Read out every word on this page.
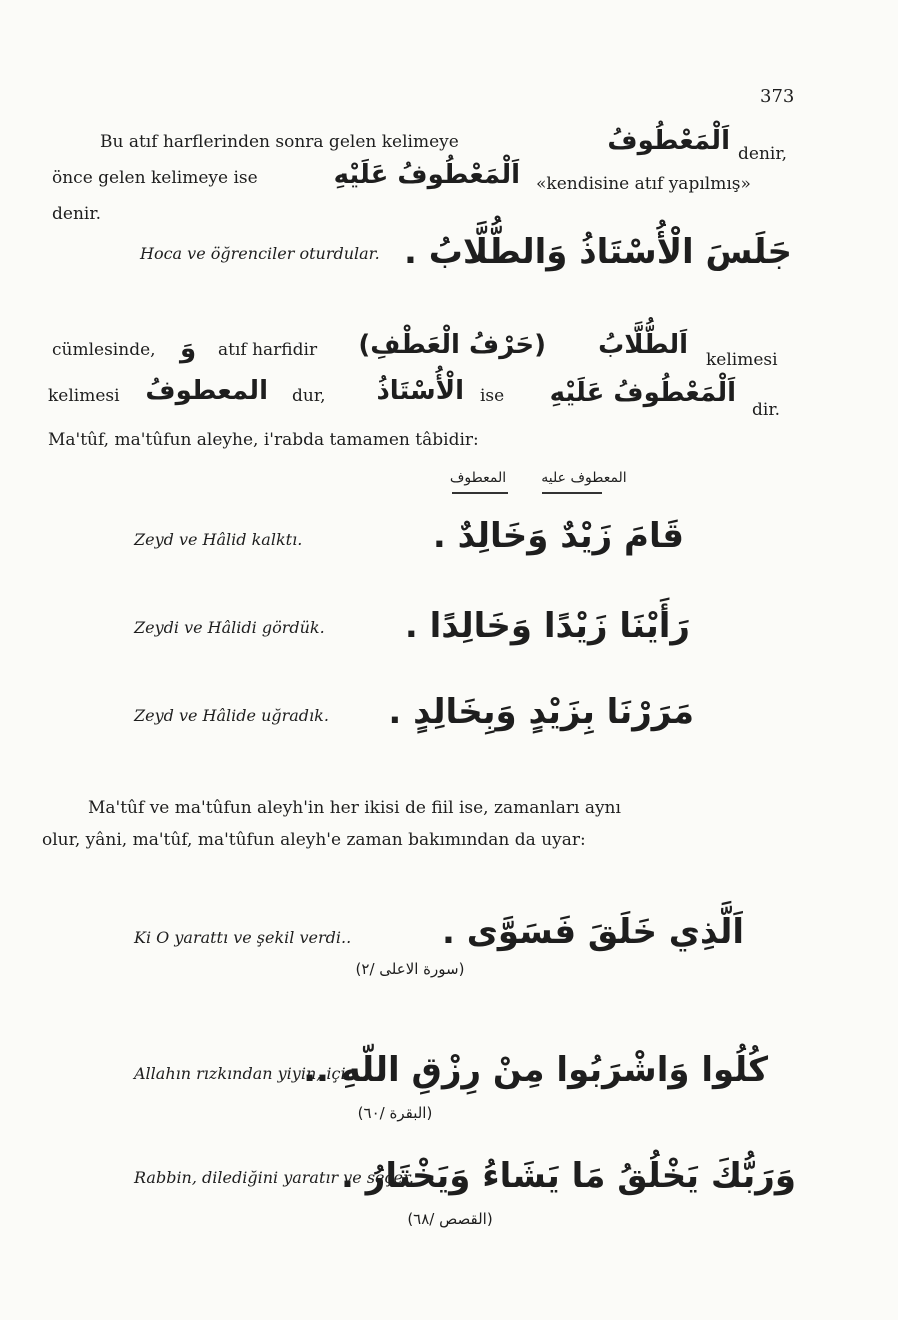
373
Bu atıf harflerinden sonra gelen kelimeye	اَلْمَعْطُوفُ denir,
önce gelen kelimeye ise	اَلْمَعْطُوفُ عَلَيْهِ «kendisine atıf yapılmış»
denir.
Hoca ve öğrenciler oturdular. جَلَسَ الْأُسْتَاذُ وَالطُّلَّابُ .
cümlesinde, وَ atıf harfidir (حَرْفُ الْعَطْفِ)	اَلطُّلَّابُ kelimesi
kelimesi المعطوفُ dur,	الْأُسْتَاذُ ise	اَلْمَعْطُوفُ عَلَيْهِ
dir.
Ma'tûf, ma'tûfun aleyhe, i'rabda tamamen tâbidir:
المعطوف	المعطوف عليه
Zeyd ve Hâlid kalktı.	قَامَ زَيْدٌ وَخَالِدٌ .
Zeydi ve Hâlidi gördük. رَأَيْنَا زَيْدًا وَخَالِدًا .
Zeyd ve Hâlide uğradık. مَرَرْنَا بِزَيْدٍ وَبِخَالِدٍ .
Ma'tûf ve ma'tûfun aleyh'in her ikisi de fiil ise, zamanları aynı
olur, yâni, ma'tûf, ma'tûfun aleyh'e zaman bakımından da uyar:
Ki O yarattı ve şekil verdi..	اَلَّذِي خَلَقَ فَسَوَّى .
(سورة الاعلى /٢)
Allahın rızkından yiyin, için..
كُلُوا وَاشْرَبُوا مِنْ رِزْقِ اللّهِ ..
(البقرة /٦٠)
Rabbin, dilediğini yaratır ve seçer.
وَرَبُّكَ يَخْلُقُ مَا يَشَاءُ وَيَخْتَارُ .
(القصص /٦٨)
